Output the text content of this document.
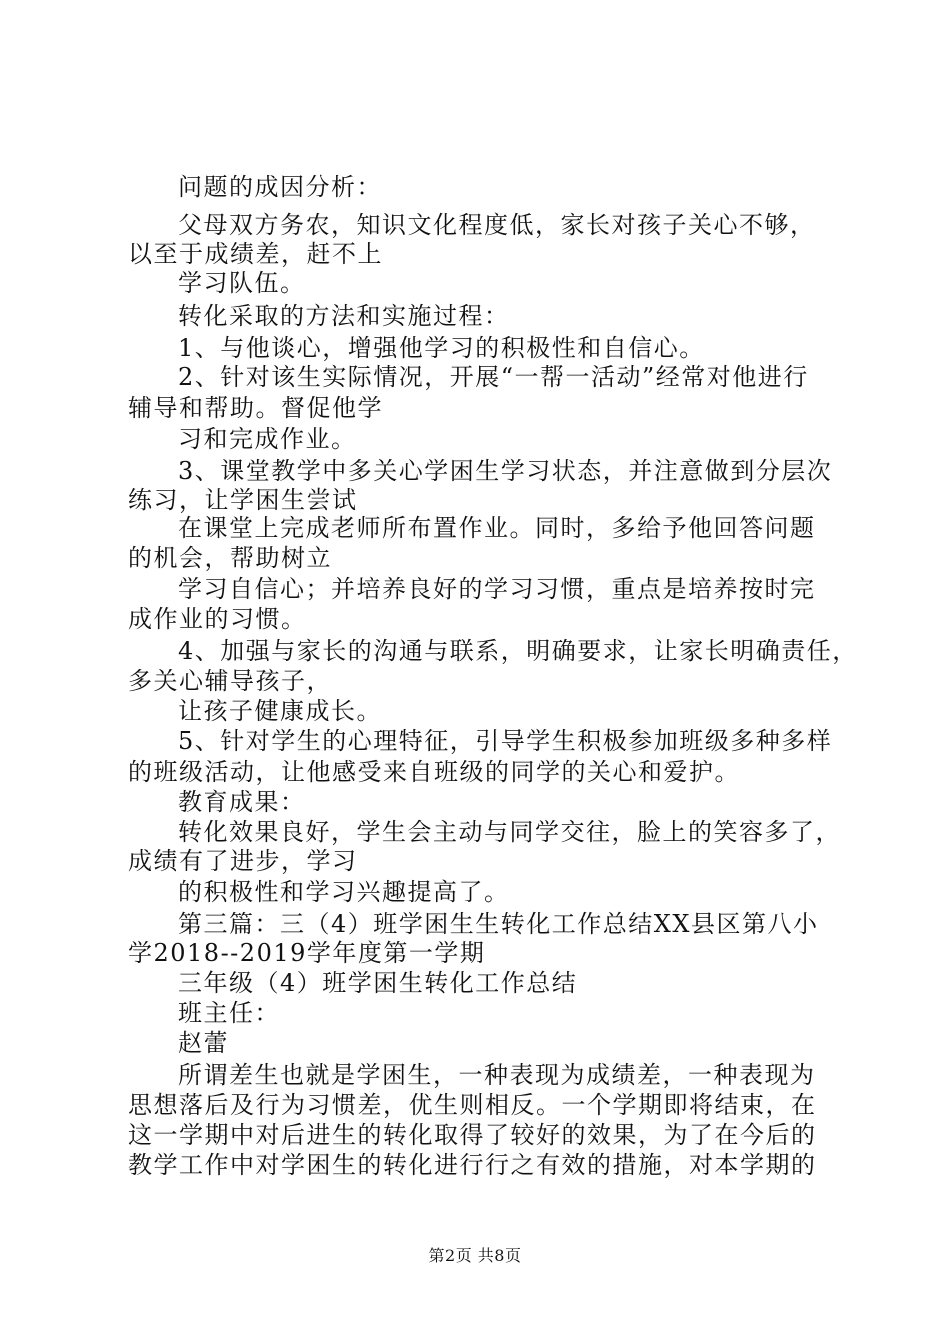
问题的成因分析：
父母双方务农，知识文化程度低，家长对孩子关心不够，
以至于成绩差，赶不上
学习队伍。
转化采取的方法和实施过程：
1、与他谈心，增强他学习的积极性和自信心。
2、针对该生实际情况，开展“一帮一活动”经常对他进行
辅导和帮助。督促他学
习和完成作业。
3、课堂教学中多关心学困生学习状态，并注意做到分层次
练习，让学困生尝试
在课堂上完成老师所布置作业。同时，多给予他回答问题
的机会，帮助树立
学习自信心；并培养良好的学习习惯，重点是培养按时完
成作业的习惯。
4、加强与家长的沟通与联系，明确要求，让家长明确责任，
多关心辅导孩子，
让孩子健康成长。
5、针对学生的心理特征，引导学生积极参加班级多种多样
的班级活动，让他感受来自班级的同学的关心和爱护。
教育成果：
转化效果良好，学生会主动与同学交往，脸上的笑容多了，
成绩有了进步，学习
的积极性和学习兴趣提高了。
第三篇：三（4）班学困生生转化工作总结XX县区第八小
学2018--2019学年度第一学期
三年级（4）班学困生转化工作总结
班主任：
赵蕾
所谓差生也就是学困生，一种表现为成绩差，一种表现为
思想落后及行为习惯差，优生则相反。一个学期即将结束，在
这一学期中对后进生的转化取得了较好的效果，为了在今后的
教学工作中对学困生的转化进行行之有效的措施，对本学期的
第2页 共8页
